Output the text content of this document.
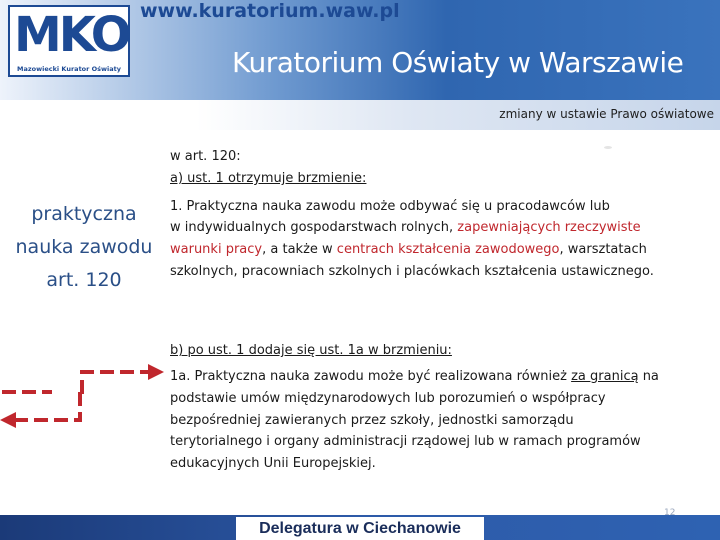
MKO
Mazowiecki Kurator Oświaty
www.kuratorium.waw.pl
Kuratorium Oświaty w Warszawie
zmiany w ustawie Prawo oświatowe
praktyczna
nauka zawodu
art. 120
w art. 120:
a) ust. 1 otrzymuje brzmienie:
1. Praktyczna nauka zawodu może odbywać się u pracodawców lub
w indywidualnych gospodarstwach rolnych, zapewniających rzeczywiste
warunki pracy, a także w centrach kształcenia zawodowego, warsztatach
szkolnych, pracowniach szkolnych i placówkach kształcenia ustawicznego.
b) po ust. 1 dodaje się ust. 1a w brzmieniu:
1a. Praktyczna nauka zawodu może być realizowana również za granicą na
podstawie umów międzynarodowych lub porozumień o współpracy
bezpośredniej zawieranych przez szkoły, jednostki samorządu
terytorialnego i organy administracji rządowej lub w ramach programów
edukacyjnych Unii Europejskiej.
Delegatura w Ciechanowie
12
